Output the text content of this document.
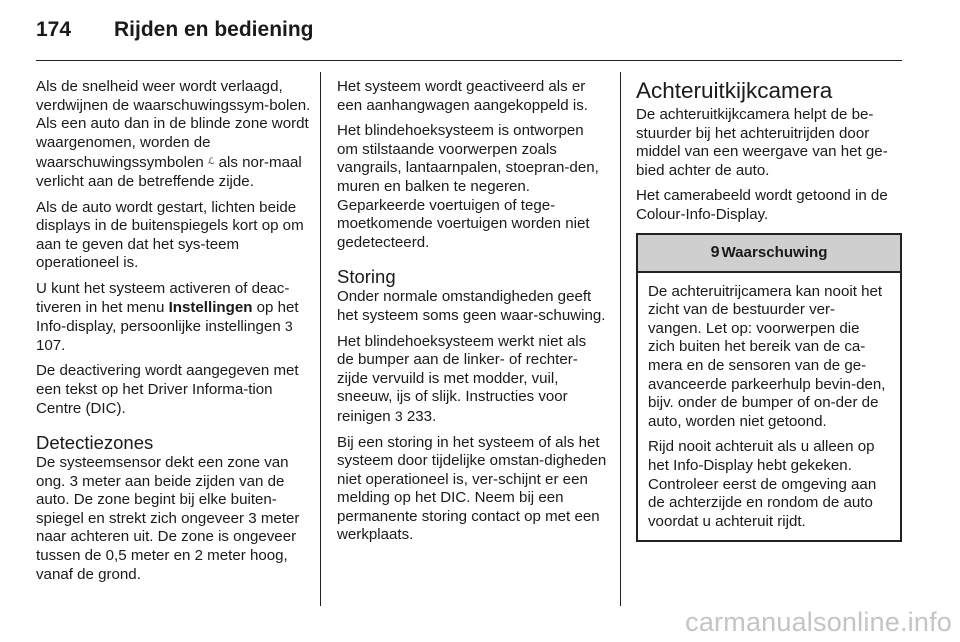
174 Rijden en bediening

Als de snelheid weer wordt verlaagd, verdwijnen de waarschuwingssym-bolen. Als een auto dan in de blinde zone wordt waargenomen, worden de waarschuwingssymbolen ℒ als nor-maal verlicht aan de betreffende zijde.

Als de auto wordt gestart, lichten beide displays in de buitenspiegels kort op om aan te geven dat het sys-teem operationeel is.

U kunt het systeem activeren of deac-tiveren in het menu Instellingen op het Info-display, persoonlijke instellingen 3 107.

De deactivering wordt aangegeven met een tekst op het Driver Informa-tion Centre (DIC).

Detectiezones

De systeemsensor dekt een zone van ong. 3 meter aan beide zijden van de auto. De zone begint bij elke buiten-spiegel en strekt zich ongeveer 3 meter naar achteren uit. De zone is ongeveer tussen de 0,5 meter en 2 meter hoog, vanaf de grond.

Het systeem wordt geactiveerd als er een aanhangwagen aangekoppeld is.

Het blindehoeksysteem is ontworpen om stilstaande voorwerpen zoals vangrails, lantaarnpalen, stoepran-den, muren en balken te negeren. Geparkeerde voertuigen of tege-moetkomende voertuigen worden niet gedetecteerd.

Storing

Onder normale omstandigheden geeft het systeem soms geen waar-schuwing.

Het blindehoeksysteem werkt niet als de bumper aan de linker- of rechter-zijde vervuild is met modder, vuil, sneeuw, ijs of slijk. Instructies voor reinigen 3 233.

Bij een storing in het systeem of als het systeem door tijdelijke omstan-digheden niet operationeel is, ver-schijnt er een melding op het DIC. Neem bij een permanente storing contact op met een werkplaats.

Achteruitkijkcamera

De achteruitkijkcamera helpt de be-stuurder bij het achteruitrijden door middel van een weergave van het ge-bied achter de auto.

Het camerabeeld wordt getoond in de Colour-Info-Display.

9 Waarschuwing

De achteruitrijcamera kan nooit het zicht van de bestuurder ver-vangen. Let op: voorwerpen die zich buiten het bereik van de ca-mera en de sensoren van de ge-avanceerde parkeerhulp bevin-den, bijv. onder de bumper of on-der de auto, worden niet getoond.

Rijd nooit achteruit als u alleen op het Info-Display hebt gekeken. Controleer eerst de omgeving aan de achterzijde en rondom de auto voordat u achteruit rijdt.

carmanualsonline.info
